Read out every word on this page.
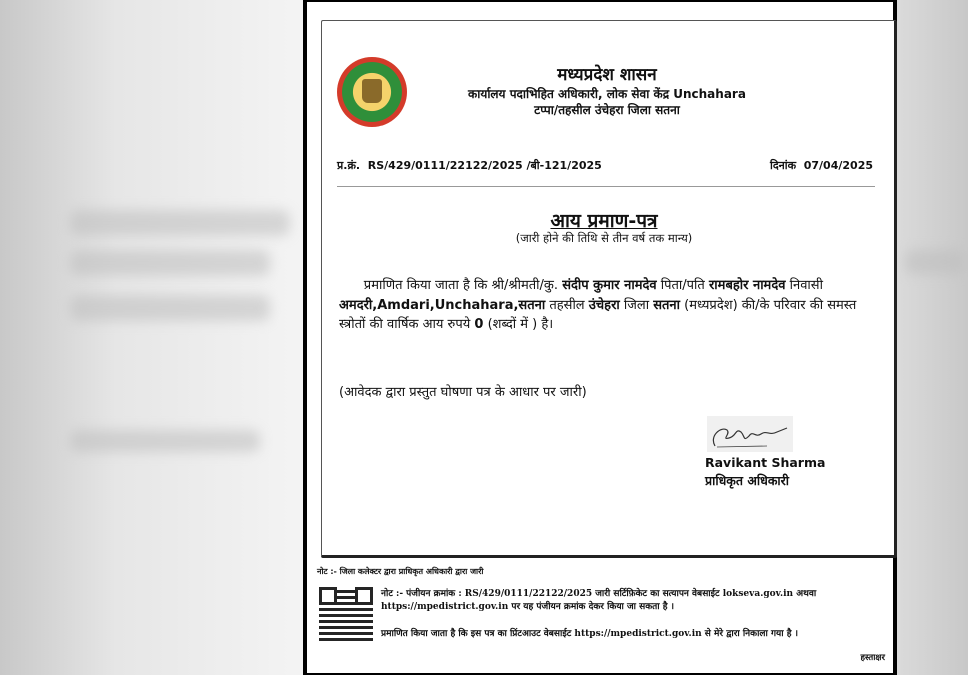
मध्यप्रदेश शासन
कार्यालय पदाभिहित अधिकारी, लोक सेवा केंद्र Unchahara
टप्पा/तहसील उंचेहरा जिला सतना
प्र.क्रं. RS/429/0111/22122/2025 /बी-121/2025	दिनांक 07/04/2025
आय प्रमाण-पत्र
(जारी होने की तिथि से तीन वर्ष तक मान्य)
प्रमाणित किया जाता है कि श्री/श्रीमती/कु. संदीप कुमार नामदेव पिता/पति रामबहोर नामदेव निवासी अमदरी,Amdari,Unchahara,सतना तहसील उंचेहरा जिला सतना (मध्यप्रदेश) की/के परिवार की समस्त स्त्रोतों की वार्षिक आय रुपये 0 (शब्दों में ) है।
(आवेदक द्वारा प्रस्तुत घोषणा पत्र के आधार पर जारी)
Ravikant Sharma
प्राधिकृत अधिकारी
नोट :- जिला कलेक्टर द्वारा प्राधिकृत अधिकारी द्वारा जारी
नोट :- पंजीयन क्रमांक : RS/429/0111/22122/2025 जारी सर्टिफ़िकेट का सत्यापन वेबसाईट lokseva.gov.in अथवा https://mpedistrict.gov.in पर यह पंजीयन क्रमांक देकर किया जा सकता है ।
प्रमाणित किया जाता है कि इस पत्र का प्रिंटआउट वेबसाईट https://mpedistrict.gov.in से मेरे द्वारा निकाला गया है ।
हस्ताक्षर
